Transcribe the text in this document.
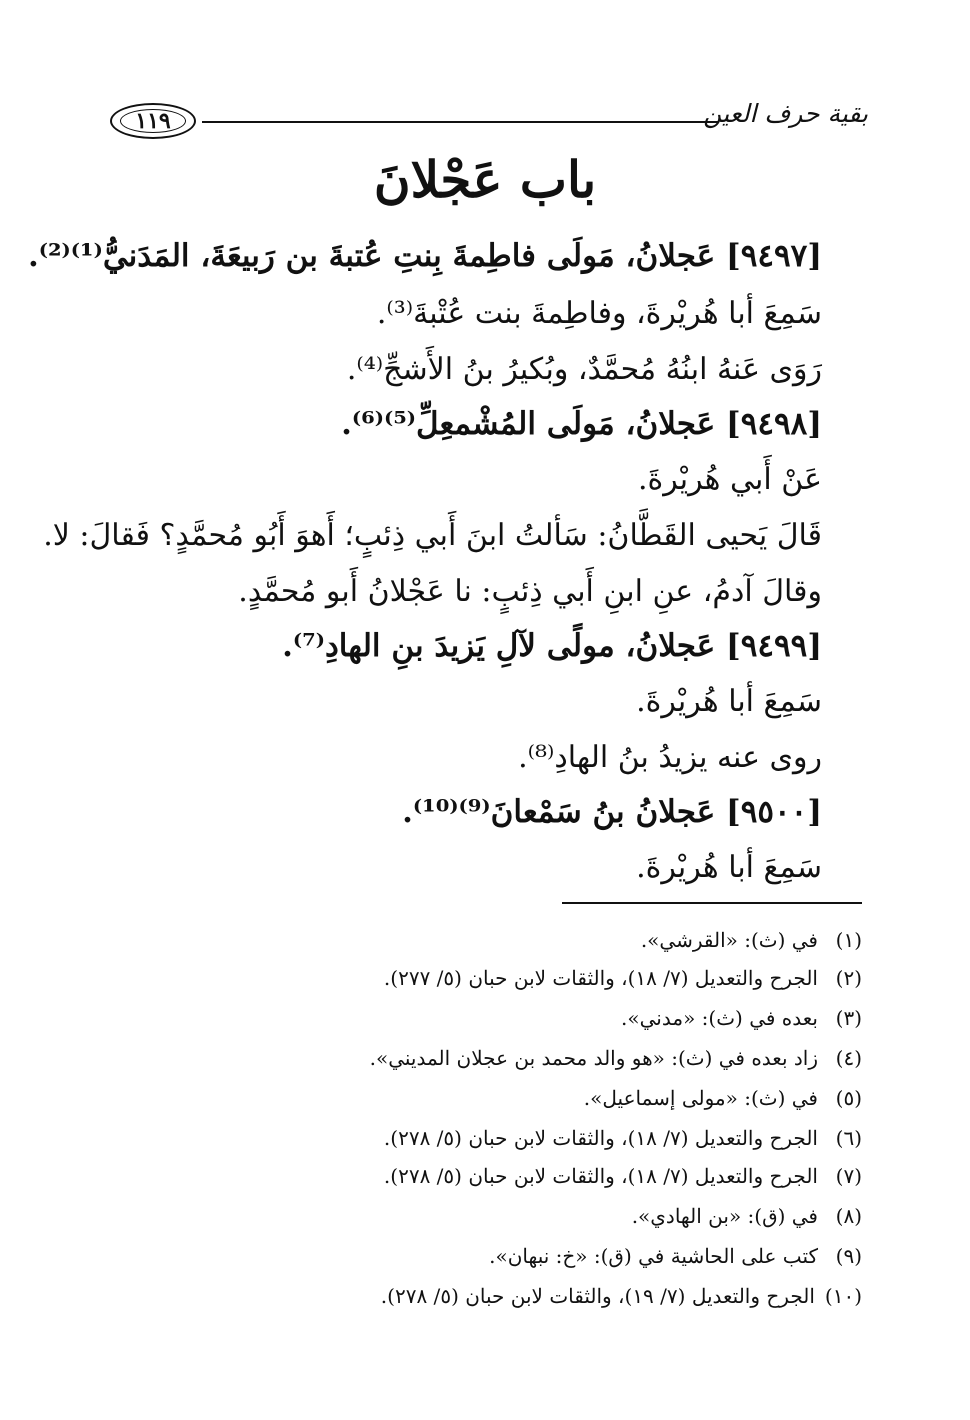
بقية حرف العين
١١٩
باب عَجْلانَ
[٩٤٩٧] عَجلانُ، مَولَى فاطِمةَ بِنتِ عُتبةَ بن رَبيعَةَ، المَدَنيُّ⁽¹⁾⁽²⁾.
سَمِعَ أبا هُريْرةَ، وفاطِمةَ بنت عُتْبةَ⁽³⁾.
رَوَى عَنهُ ابنُهُ مُحمَّدٌ، وبُكيرُ بنُ الأَشجِّ⁽⁴⁾.
[٩٤٩٨] عَجلانُ، مَولَى المُشْمعِلِّ⁽⁵⁾⁽⁶⁾.
عَنْ أَبي هُريْرةَ.
قَالَ يَحيى القَطَّانُ: سَألتُ ابنَ أَبي ذِئبٍ؛ أَهوَ أَبُو مُحمَّدٍ؟ فَقالَ: لا.
وقالَ آدمُ، عنِ ابنِ أَبي ذِئبٍ: نا عَجْلانُ أَبو مُحمَّدٍ.
[٩٤٩٩] عَجلانُ، مولًى لآلِ يَزيدَ بنِ الهادِ⁽⁷⁾.
سَمِعَ أبا هُريْرةَ.
روى عنه يزيدُ بنُ الهادِ⁽⁸⁾.
[٩٥٠٠] عَجلانُ بنُ سَمْعانَ⁽⁹⁾⁽¹⁰⁾.
سَمِعَ أبا هُريْرةَ.
(١)في (ث): «القرشي».
(٢)الجرح والتعديل (٧/ ١٨)، والثقات لابن حبان (٥/ ٢٧٧).
(٣)بعده في (ث): «مدني».
(٤)زاد بعده في (ث): «هو والد محمد بن عجلان المديني».
(٥)في (ث): «مولى إسماعيل».
(٦)الجرح والتعديل (٧/ ١٨)، والثقات لابن حبان (٥/ ٢٧٨).
(٧)الجرح والتعديل (٧/ ١٨)، والثقات لابن حبان (٥/ ٢٧٨).
(٨)في (ق): «بن الهادي».
(٩)كتب على الحاشية في (ق): «خ: نبهان».
(١٠)الجرح والتعديل (٧/ ١٩)، والثقات لابن حبان (٥/ ٢٧٨).
